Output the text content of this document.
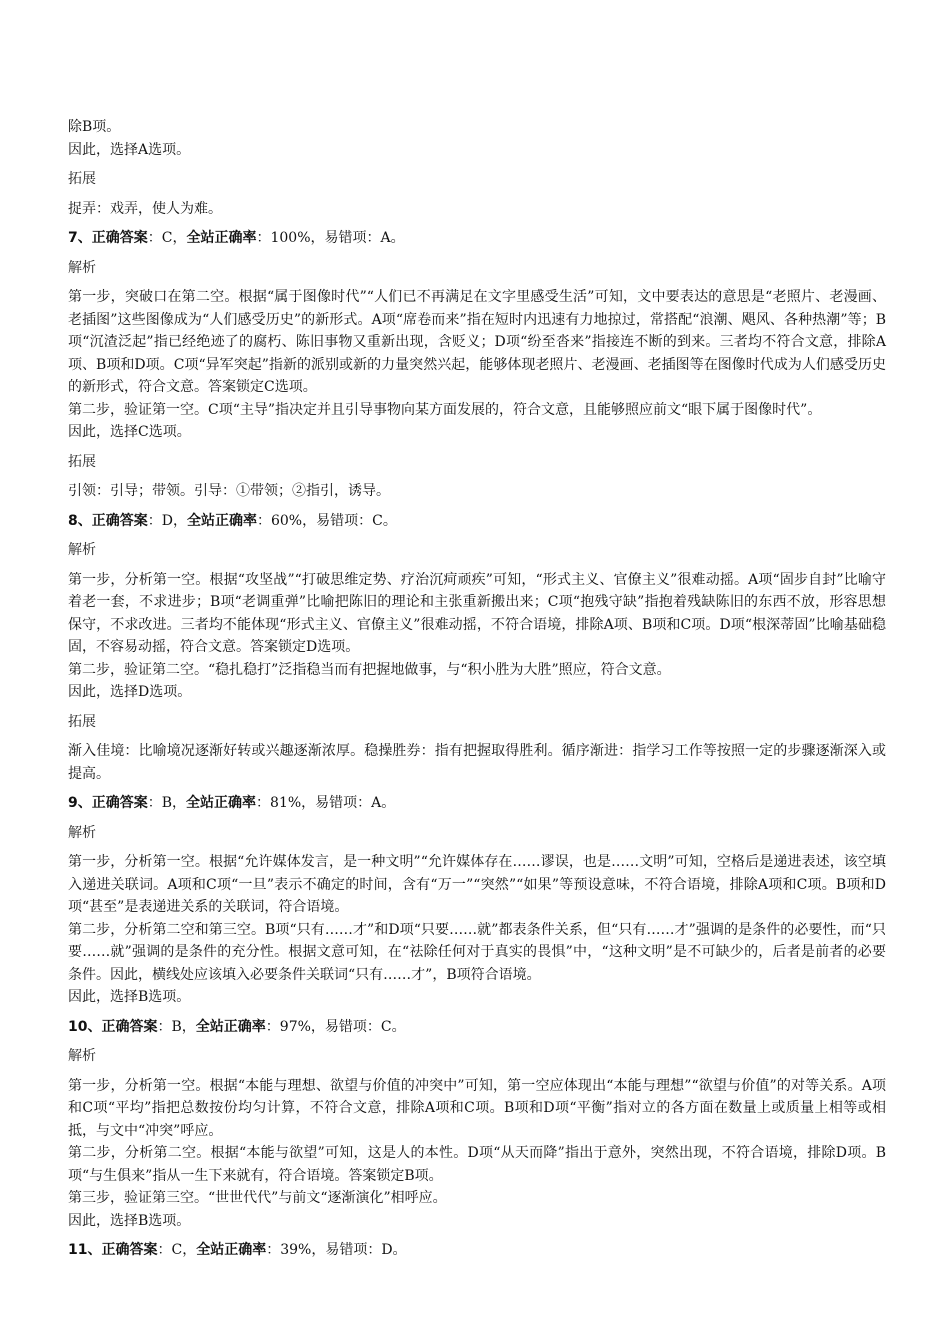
除B项。

因此，选择A选项。

拓展

捉弄：戏弄，使人为难。

7、正确答案：C，全站正确率：100%，易错项：A。

解析

第一步，突破口在第二空。根据“属于图像时代”“人们已不再满足在文字里感受生活”可知，文中要表达的意思是“老照片、老漫画、老插图”这些图像成为“人们感受历史”的新形式。A项“席卷而来”指在短时内迅速有力地掠过，常搭配“浪潮、飓风、各种热潮”等；B项“沉渣泛起”指已经绝迹了的腐朽、陈旧事物又重新出现，含贬义；D项“纷至沓来”指接连不断的到来。三者均不符合文意，排除A项、B项和D项。C项“异军突起”指新的派别或新的力量突然兴起，能够体现老照片、老漫画、老插图等在图像时代成为人们感受历史的新形式，符合文意。答案锁定C选项。

第二步，验证第一空。C项“主导”指决定并且引导事物向某方面发展的，符合文意，且能够照应前文“眼下属于图像时代”。

因此，选择C选项。

拓展

引领：引导；带领。引导：①带领；②指引，诱导。

8、正确答案：D，全站正确率：60%，易错项：C。

解析

第一步，分析第一空。根据“攻坚战”“打破思维定势、疗治沉疴顽疾”可知，“形式主义、官僚主义”很难动摇。A项“固步自封”比喻守着老一套，不求进步；B项“老调重弹”比喻把陈旧的理论和主张重新搬出来；C项“抱残守缺”指抱着残缺陈旧的东西不放，形容思想保守，不求改进。三者均不能体现“形式主义、官僚主义”很难动摇，不符合语境，排除A项、B项和C项。D项“根深蒂固”比喻基础稳固，不容易动摇，符合文意。答案锁定D选项。

第二步，验证第二空。“稳扎稳打”泛指稳当而有把握地做事，与“积小胜为大胜”照应，符合文意。

因此，选择D选项。

拓展

渐入佳境：比喻境况逐渐好转或兴趣逐渐浓厚。稳操胜券：指有把握取得胜利。循序渐进：指学习工作等按照一定的步骤逐渐深入或提高。

9、正确答案：B，全站正确率：81%，易错项：A。

解析

第一步，分析第一空。根据“允许媒体发言，是一种文明”“允许媒体存在……谬误，也是……文明”可知，空格后是递进表述，该空填入递进关联词。A项和C项“一旦”表示不确定的时间，含有“万一”“突然”“如果”等预设意味，不符合语境，排除A项和C项。B项和D项“甚至”是表递进关系的关联词，符合语境。

第二步，分析第二空和第三空。B项“只有……才”和D项“只要……就”都表条件关系，但“只有……才”强调的是条件的必要性，而“只要……就”强调的是条件的充分性。根据文意可知，在“祛除任何对于真实的畏惧”中，“这种文明”是不可缺少的，后者是前者的必要条件。因此，横线处应该填入必要条件关联词“只有……才”，B项符合语境。

因此，选择B选项。

10、正确答案：B，全站正确率：97%，易错项：C。

解析

第一步，分析第一空。根据“本能与理想、欲望与价值的冲突中”可知，第一空应体现出“本能与理想”“欲望与价值”的对等关系。A项和C项“平均”指把总数按份均匀计算，不符合文意，排除A项和C项。B项和D项“平衡”指对立的各方面在数量上或质量上相等或相抵，与文中“冲突”呼应。

第二步，分析第二空。根据“本能与欲望”可知，这是人的本性。D项“从天而降”指出于意外，突然出现，不符合语境，排除D项。B项“与生俱来”指从一生下来就有，符合语境。答案锁定B项。

第三步，验证第三空。“世世代代”与前文“逐渐演化”相呼应。

因此，选择B选项。

11、正确答案：C，全站正确率：39%，易错项：D。
